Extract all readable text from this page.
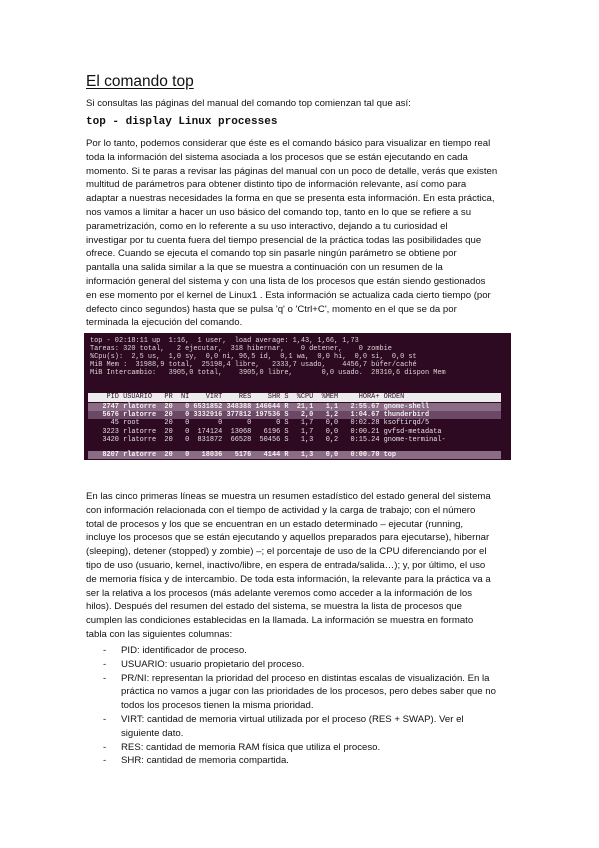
El comando top
Si consultas las páginas del manual del comando top comienzan tal que así:
top - display Linux processes
Por lo tanto, podemos considerar que éste es el comando básico para visualizar en tiempo real
toda la información del sistema asociada a los procesos que se están ejecutando en cada
momento. Si te paras a revisar las páginas del manual con un poco de detalle, verás que existen
multitud de parámetros para obtener distinto tipo de información relevante, así como para
adaptar a nuestras necesidades la forma en que se presenta esta información. En esta práctica,
nos vamos a limitar a hacer un uso básico del comando top, tanto en lo que se refiere a su
parametrización, como en lo referente a su uso interactivo, dejando a tu curiosidad el
investigar por tu cuenta fuera del tiempo presencial de la práctica todas las posibilidades que
ofrece. Cuando se ejecuta el comando top sin pasarle ningún parámetro se obtiene por
pantalla una salida similar a la que se muestra a continuación con un resumen de la
información general del sistema y con una lista de los procesos que están siendo gestionados
en ese momento por el kernel de Linux1 . Esta información se actualiza cada cierto tiempo (por
defecto cinco segundos) hasta que se pulsa 'q' o 'Ctrl+C', momento en el que se da por
terminada la ejecución del comando.
top - 02:18:11 up  1:16,  1 user,  load average: 1,43, 1,66, 1,73
Tareas: 320 total,   2 ejecutar,  318 hibernar,    0 detener,    0 zombie
%Cpu(s):  2,5 us,  1,0 sy,  0,0 ni, 96,5 id,  0,1 wa,  0,0 hi,  0,0 si,  0,0 st
MiB Mem :  31988,9 total,  25198,4 libre,   2333,7 usado,    4456,7 búfer/caché
MiB Intercambio:   3905,0 total,    3905,0 libre,       0,0 usado.  28310,6 dispon Mem
PID USUARIO   PR  NI    VIRT    RES    SHR S  %CPU  %MEM     HORA+ ORDEN
2747 rlatorre  20   0 6531852 348388 146644 R  21,1   1,1   2:55.67 gnome-shell
5676 rlatorre  20   0 3332916 377812 197536 S   2,0   1,2   1:04.67 thunderbird
45 root      20   0       0      0      0 S   1,7   0,0   0:02.28 ksoftirqd/5
3223 rlatorre  20   0  174124  13068   6196 S   1,7   0,0   0:00.21 gvfsd-metadata
3420 rlatorre  20   0  831872  66528  50456 S   1,3   0,2   0:15.24 gnome-terminal-
8207 rlatorre  20   0   18036   5176   4144 R   1,3   0,0   0:00.70 top
En las cinco primeras líneas se muestra un resumen estadístico del estado general del sistema
con información relacionada con el tiempo de actividad y la carga de trabajo; con el número
total de procesos y los que se encuentran en un estado determinado – ejecutar (running,
incluye los procesos que se están ejecutando y aquellos preparados para ejecutarse), hibernar
(sleeping), detener (stopped) y zombie) –; el porcentaje de uso de la CPU diferenciando por el
tipo de uso (usuario, kernel, inactivo/libre, en espera de entrada/salida…); y, por último, el uso
de memoria física y de intercambio. De toda esta información, la relevante para la práctica va a
ser la relativa a los procesos (más adelante veremos como acceder a la información de los
hilos). Después del resumen del estado del sistema, se muestra la lista de procesos que
cumplen las condiciones establecidas en la llamada. La información se muestra en formato
tabla con las siguientes columnas:
- PID: identificador de proceso.
- USUARIO: usuario propietario del proceso.
- PR/NI: representan la prioridad del proceso en distintas escalas de visualización. En la
práctica no vamos a jugar con las prioridades de los procesos, pero debes saber que no
todos los procesos tienen la misma prioridad.
- VIRT: cantidad de memoria virtual utilizada por el proceso (RES + SWAP). Ver el
siguiente dato.
- RES: cantidad de memoria RAM física que utiliza el proceso.
- SHR: cantidad de memoria compartida.
